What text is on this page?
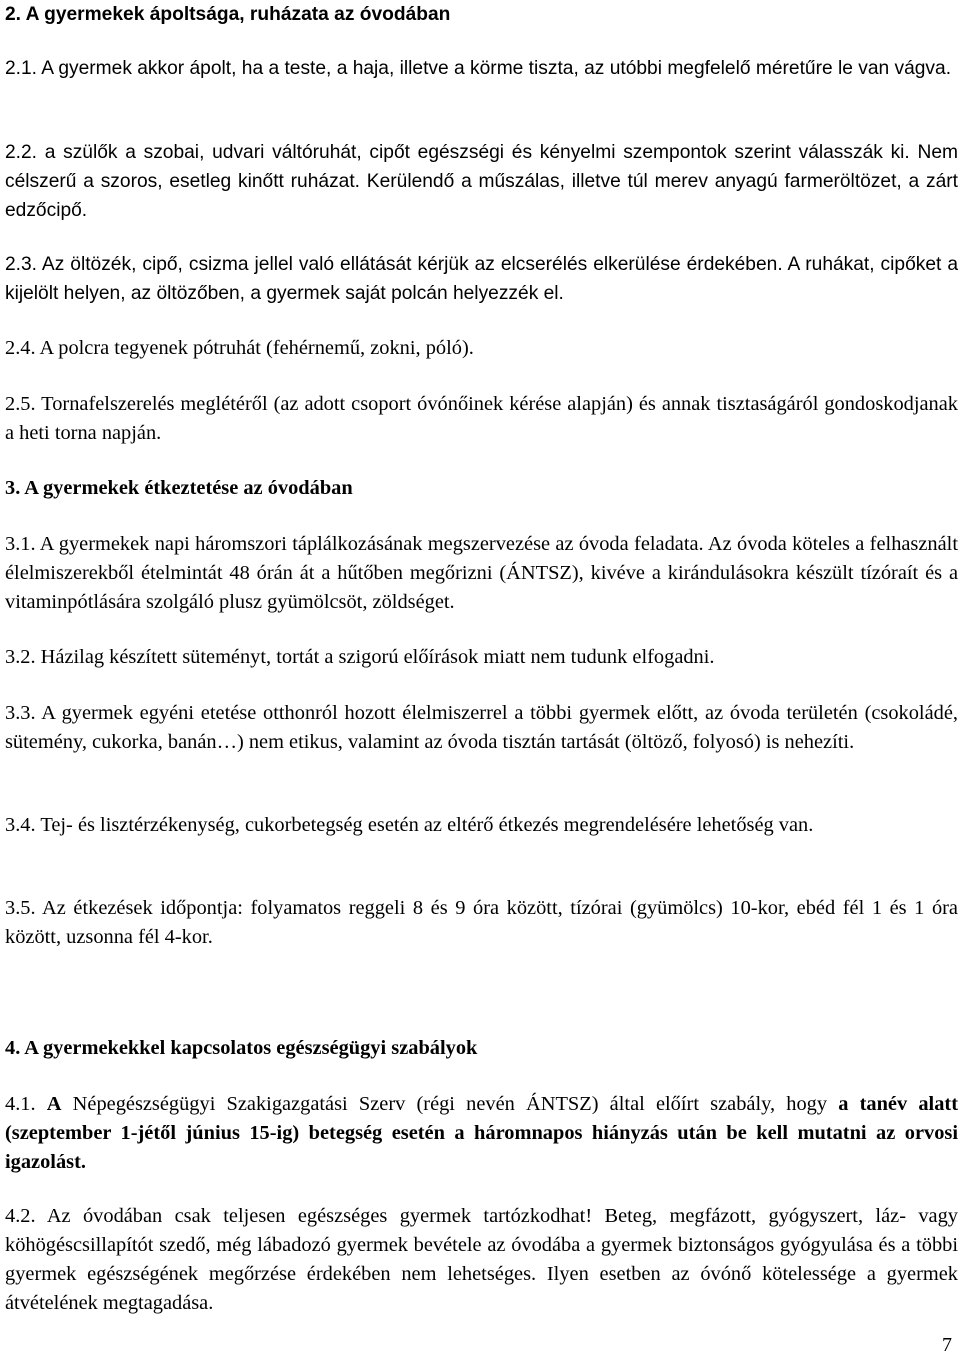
2. A gyermekek ápoltsága, ruházata az óvodában
2.1. A gyermek akkor ápolt, ha a teste, a haja, illetve a körme tiszta, az utóbbi megfelelő méretűre le van vágva.
2.2. a szülők a szobai, udvari váltóruhát, cipőt egészségi és kényelmi szempontok szerint válasszák ki. Nem célszerű a szoros, esetleg kinőtt ruházat. Kerülendő a műszálas, illetve túl merev anyagú farmeröltözet, a zárt edzőcipő.
2.3. Az öltözék, cipő, csizma jellel való ellátását kérjük az elcserélés elkerülése érdekében. A ruhákat, cipőket a kijelölt helyen, az öltözőben, a gyermek saját polcán helyezzék el.
2.4. A polcra tegyenek pótruhát (fehérnemű, zokni, póló).
2.5. Tornafelszerelés meglétéről (az adott csoport óvónőinek kérése alapján) és annak tisztaságáról gondoskodjanak a heti torna napján.
3. A gyermekek étkeztetése az óvodában
3.1. A gyermekek napi háromszori táplálkozásának megszervezése az óvoda feladata. Az óvoda köteles a felhasznált élelmiszerekből ételmintát 48 órán át a hűtőben megőrizni (ÁNTSZ), kivéve a kirándulásokra készült tízóraít és a vitaminpótlására szolgáló plusz gyümölcsöt, zöldséget.
3.2. Házilag készített süteményt, tortát a szigorú előírások miatt nem tudunk elfogadni.
3.3. A gyermek egyéni etetése otthonról hozott élelmiszerrel a többi gyermek előtt, az óvoda területén (csokoládé, sütemény, cukorka, banán…) nem etikus, valamint az óvoda tisztán tartását (öltöző, folyosó) is nehezíti.
3.4. Tej- és lisztérzékenység, cukorbetegség esetén az eltérő étkezés megrendelésére lehetőség van.
3.5. Az étkezések időpontja: folyamatos reggeli 8 és 9 óra között, tízórai (gyümölcs) 10-kor, ebéd fél 1 és 1 óra között, uzsonna fél 4-kor.
4. A gyermekekkel kapcsolatos egészségügyi szabályok
4.1. A Népegészségügyi Szakigazgatási Szerv (régi nevén ÁNTSZ) által előírt szabály, hogy a tanév alatt (szeptember 1-jétől június 15-ig) betegség esetén a háromnapos hiányzás után be kell mutatni az orvosi igazolást.
4.2. Az óvodában csak teljesen egészséges gyermek tartózkodhat! Beteg, megfázott, gyógyszert, láz- vagy köhögéscsillapítót szedő, még lábadozó gyermek bevétele az óvodába a gyermek biztonságos gyógyulása és a többi gyermek egészségének megőrzése érdekében nem lehetséges. Ilyen esetben az óvónő kötelessége a gyermek átvételének megtagadása.
7
